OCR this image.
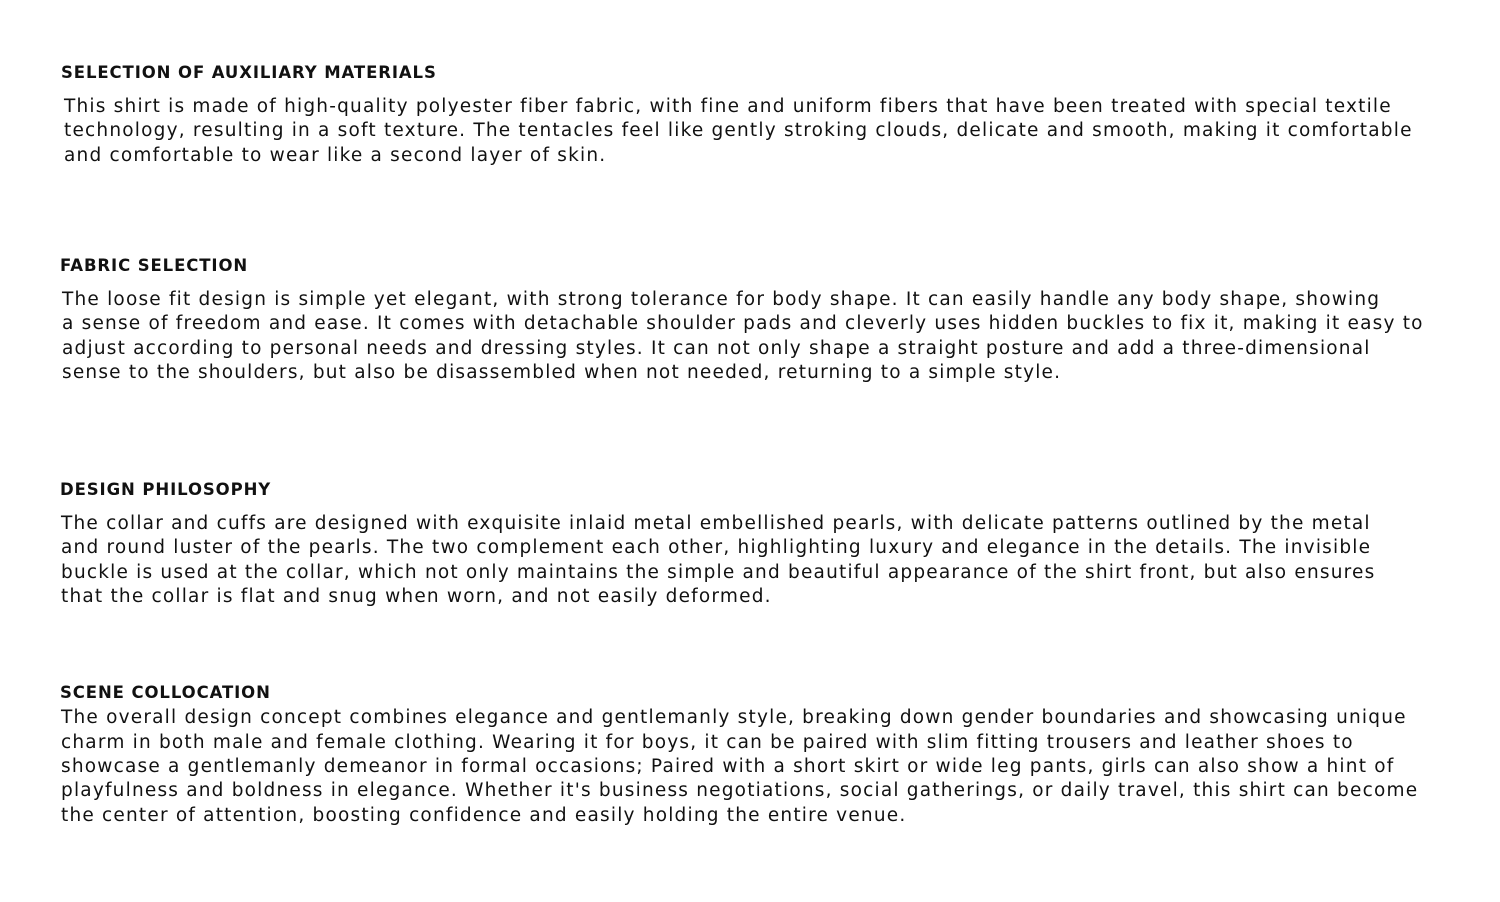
SELECTION OF AUXILIARY MATERIALS

This shirt is made of high-quality polyester fiber fabric, with fine and uniform fibers that have been treated with special textile

technology, resulting in a soft texture. The tentacles feel like gently stroking clouds, delicate and smooth, making it comfortable

and comfortable to wear like a second layer of skin.

FABRIC SELECTION

The loose fit design is simple yet elegant, with strong tolerance for body shape. It can easily handle any body shape, showing

a sense of freedom and ease. It comes with detachable shoulder pads and cleverly uses hidden buckles to fix it, making it easy to

adjust according to personal needs and dressing styles. It can not only shape a straight posture and add a three-dimensional

sense to the shoulders, but also be disassembled when not needed, returning to a simple style.

DESIGN PHILOSOPHY

The collar and cuffs are designed with exquisite inlaid metal embellished pearls, with delicate patterns outlined by the metal

and round luster of the pearls. The two complement each other, highlighting luxury and elegance in the details. The invisible

buckle is used at the collar, which not only maintains the simple and beautiful appearance of the shirt front, but also ensures

that the collar is flat and snug when worn, and not easily deformed.

SCENE COLLOCATION

The overall design concept combines elegance and gentlemanly style, breaking down gender boundaries and showcasing unique

charm in both male and female clothing. Wearing it for boys, it can be paired with slim fitting trousers and leather shoes to

showcase a gentlemanly demeanor in formal occasions; Paired with a short skirt or wide leg pants, girls can also show a hint of

playfulness and boldness in elegance. Whether it's business negotiations, social gatherings, or daily travel, this shirt can become

the center of attention, boosting confidence and easily holding the entire venue.
